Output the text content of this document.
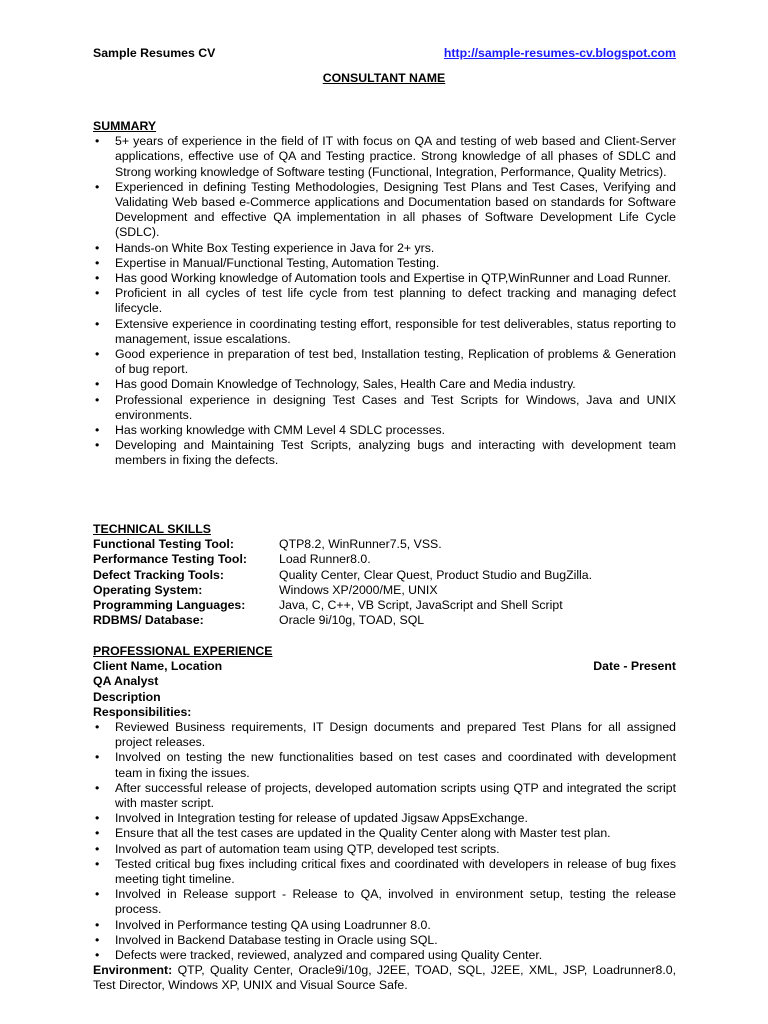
Sample Resumes CV	http://sample-resumes-cv.blogspot.com
CONSULTANT NAME
SUMMARY
• 5+ years of experience in the field of IT with focus on QA and testing of web based and Client-Server applications, effective use of QA and Testing practice. Strong knowledge of all phases of SDLC and Strong working knowledge of Software testing (Functional, Integration, Performance, Quality Metrics).
• Experienced in defining Testing Methodologies, Designing Test Plans and Test Cases, Verifying and Validating Web based e-Commerce applications and Documentation based on standards for Software Development and effective QA implementation in all phases of Software Development Life Cycle (SDLC).
• Hands-on White Box Testing experience in Java for 2+ yrs.
• Expertise in Manual/Functional Testing, Automation Testing.
• Has good Working knowledge of Automation tools and Expertise in QTP,WinRunner and Load Runner.
• Proficient in all cycles of test life cycle from test planning to defect tracking and managing defect lifecycle.
• Extensive experience in coordinating testing effort, responsible for test deliverables, status reporting to management, issue escalations.
• Good experience in preparation of test bed, Installation testing, Replication of problems & Generation of bug report.
• Has good Domain Knowledge of Technology, Sales, Health Care and Media industry.
• Professional experience in designing Test Cases and Test Scripts for Windows, Java and UNIX environments.
• Has working knowledge with CMM Level 4 SDLC processes.
• Developing and Maintaining Test Scripts, analyzing bugs and interacting with development team members in fixing the defects.
TECHNICAL SKILLS
Functional Testing Tool:	QTP8.2, WinRunner7.5, VSS.
Performance Testing Tool:	Load Runner8.0.
Defect Tracking Tools:	Quality Center, Clear Quest, Product Studio and BugZilla.
Operating System:	Windows XP/2000/ME, UNIX
Programming Languages:	Java, C, C++, VB Script, JavaScript and Shell Script
RDBMS/ Database:	Oracle 9i/10g, TOAD, SQL
PROFESSIONAL EXPERIENCE
Client Name, Location	Date - Present
QA Analyst
Description
Responsibilities:
• Reviewed Business requirements, IT Design documents and prepared Test Plans for all assigned project releases.
• Involved on testing the new functionalities based on test cases and coordinated with development team in fixing the issues.
• After successful release of projects, developed automation scripts using QTP and integrated the script with master script.
• Involved in Integration testing for release of updated Jigsaw AppsExchange.
• Ensure that all the test cases are updated in the Quality Center along with Master test plan.
• Involved as part of automation team using QTP, developed test scripts.
• Tested critical bug fixes including critical fixes and coordinated with developers in release of bug fixes meeting tight timeline.
• Involved in Release support - Release to QA, involved in environment setup, testing the release process.
• Involved in Performance testing QA using Loadrunner 8.0.
• Involved in Backend Database testing in Oracle using SQL.
• Defects were tracked, reviewed, analyzed and compared using Quality Center.
Environment: QTP, Quality Center, Oracle9i/10g, J2EE, TOAD, SQL, J2EE, XML, JSP, Loadrunner8.0, Test Director, Windows XP, UNIX and Visual Source Safe.
